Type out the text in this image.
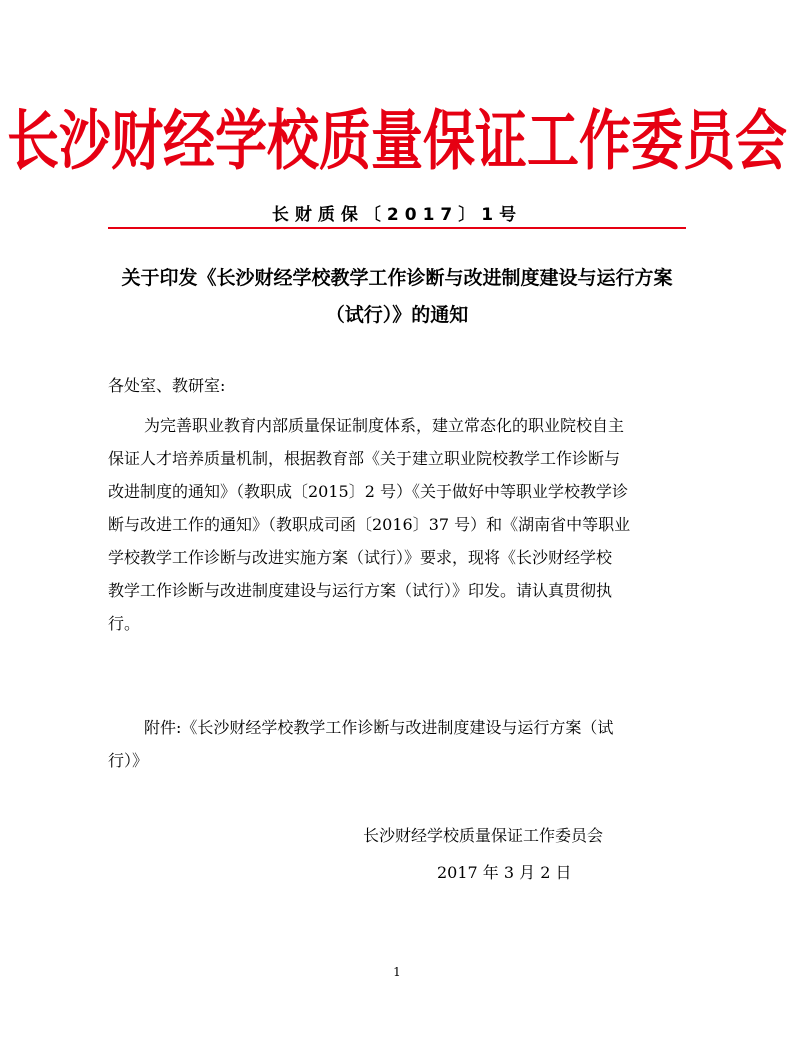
长沙财经学校质量保证工作委员会
长财质保〔2017〕1号
关于印发《长沙财经学校教学工作诊断与改进制度建设与运行方案
（试行）》的通知
各处室、教研室:
为完善职业教育内部质量保证制度体系，建立常态化的职业院校自主
保证人才培养质量机制，根据教育部《关于建立职业院校教学工作诊断与
改进制度的通知》（教职成〔2015〕2 号）《关于做好中等职业学校教学诊
断与改进工作的通知》（教职成司函〔2016〕37 号）和《湖南省中等职业
学校教学工作诊断与改进实施方案（试行）》要求，现将《长沙财经学校
教学工作诊断与改进制度建设与运行方案（试行）》印发。请认真贯彻执
行。
附件:《长沙财经学校教学工作诊断与改进制度建设与运行方案（试
行）》
长沙财经学校质量保证工作委员会
2017 年 3 月 2 日
1
